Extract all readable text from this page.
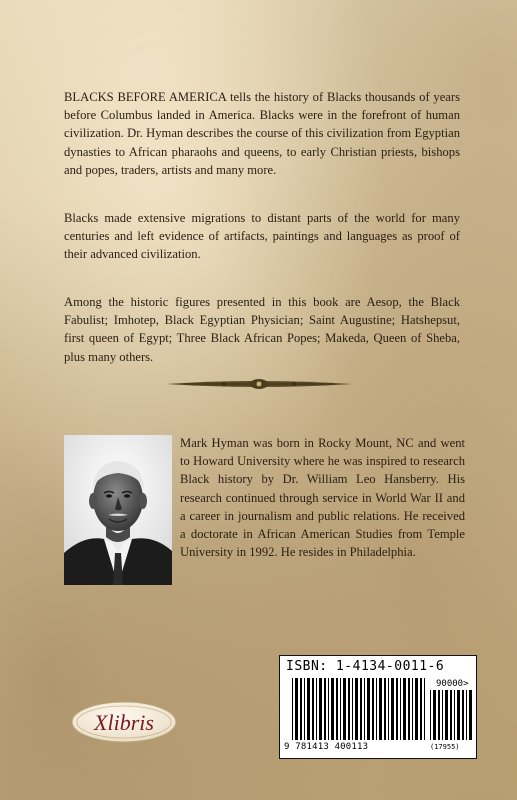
BLACKS BEFORE AMERICA tells the history of Blacks thousands of years before Columbus landed in America. Blacks were in the forefront of human civilization. Dr. Hyman describes the course of this civilization from Egyptian dynasties to African pharaohs and queens, to early Christian priests, bishops and popes, traders, artists and many more.

Blacks made extensive migrations to distant parts of the world for many centuries and left evidence of artifacts, paintings and languages as proof of their advanced civilization.

Among the historic figures presented in this book are Aesop, the Black Fabulist; Imhotep, Black Egyptian Physician; Saint Augustine; Hatshepsut, first queen of Egypt; Three Black African Popes; Makeda, Queen of Sheba, plus many others.

Mark Hyman was born in Rocky Mount, NC and went to Howard University where he was inspired to research Black history by Dr. William Leo Hansberry. His research continued through service in World War II and a career in journalism and public relations. He received a doctorate in African American Studies from Temple University in 1992. He resides in Philadelphia.

ISBN: 1-4134-0011-6
90000>
9 781413 400113	(17955)
Xlibris
